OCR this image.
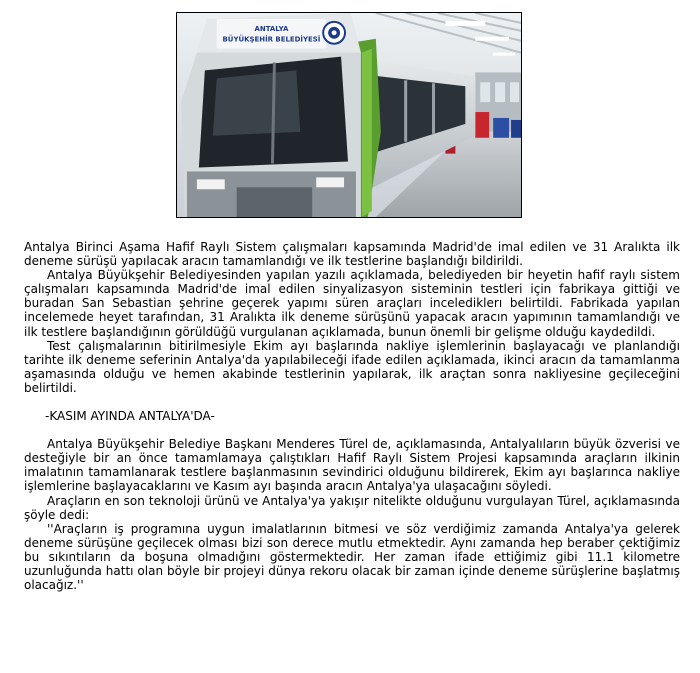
ANTALYA
BÜYÜKŞEHİR BELEDİYESİ

Antalya Birinci Aşama Hafif Raylı Sistem çalışmaları kapsamında Madrid'de imal edilen ve 31 Aralıkta ilk deneme sürüşü yapılacak aracın tamamlandığı ve ilk testlerine başlandığı bildirildi.

Antalya Büyükşehir Belediyesinden yapılan yazılı açıklamada, belediyeden bir heyetin hafif raylı sistem çalışmaları kapsamında Madrid'de imal edilen sinyalizasyon sisteminin testleri için fabrikaya gittiği ve buradan San Sebastian şehrine geçerek yapımı süren araçları incelediklerı belirtildi. Fabrikada yapılan incelemede heyet tarafından, 31 Aralıkta ilk deneme sürüşünü yapacak aracın yapımının tamamlandığı ve ilk testlere başlandığının görüldüğü vurgulanan açıklamada, bunun önemli bir gelişme olduğu kaydedildi.

Test çalışmalarının bitirilmesiyle Ekim ayı başlarında nakliye işlemlerinin başlayacağı ve planlandığı tarihte ilk deneme seferinin Antalya'da yapılabileceği ifade edilen açıklamada, ikinci aracın da tamamlanma aşamasında olduğu ve hemen akabinde testlerinin yapılarak, ilk araçtan sonra nakliyesine geçileceğini belirtildi.

-KASIM AYINDA ANTALYA'DA-

Antalya Büyükşehir Belediye Başkanı Menderes Türel de, açıklamasında, Antalyalıların büyük özverisi ve desteğiyle bir an önce tamamlamaya çalıştıkları Hafif Raylı Sistem Projesi kapsamında araçların ilkinin imalatının tamamlanarak testlere başlanmasının sevindirici olduğunu bildirerek, Ekim ayı başlarınca nakliye işlemlerine başlayacaklarını ve Kasım ayı başında aracın Antalya'ya ulaşacağını söyledi.

Araçların en son teknoloji ürünü ve Antalya'ya yakışır nitelikte olduğunu vurgulayan Türel, açıklamasında şöyle dedi:

''Araçların iş programına uygun imalatlarının bitmesi ve söz verdiğimiz zamanda Antalya'ya gelerek deneme sürüşüne geçilecek olması bizi son derece mutlu etmektedir. Aynı zamanda hep beraber çektiğimiz bu sıkıntıların da boşuna olmadığını göstermektedir. Her zaman ifade ettiğimiz gibi 11.1 kilometre uzunluğunda hattı olan böyle bir projeyi dünya rekoru olacak bir zaman içinde deneme sürüşlerine başlatmış olacağız.''
